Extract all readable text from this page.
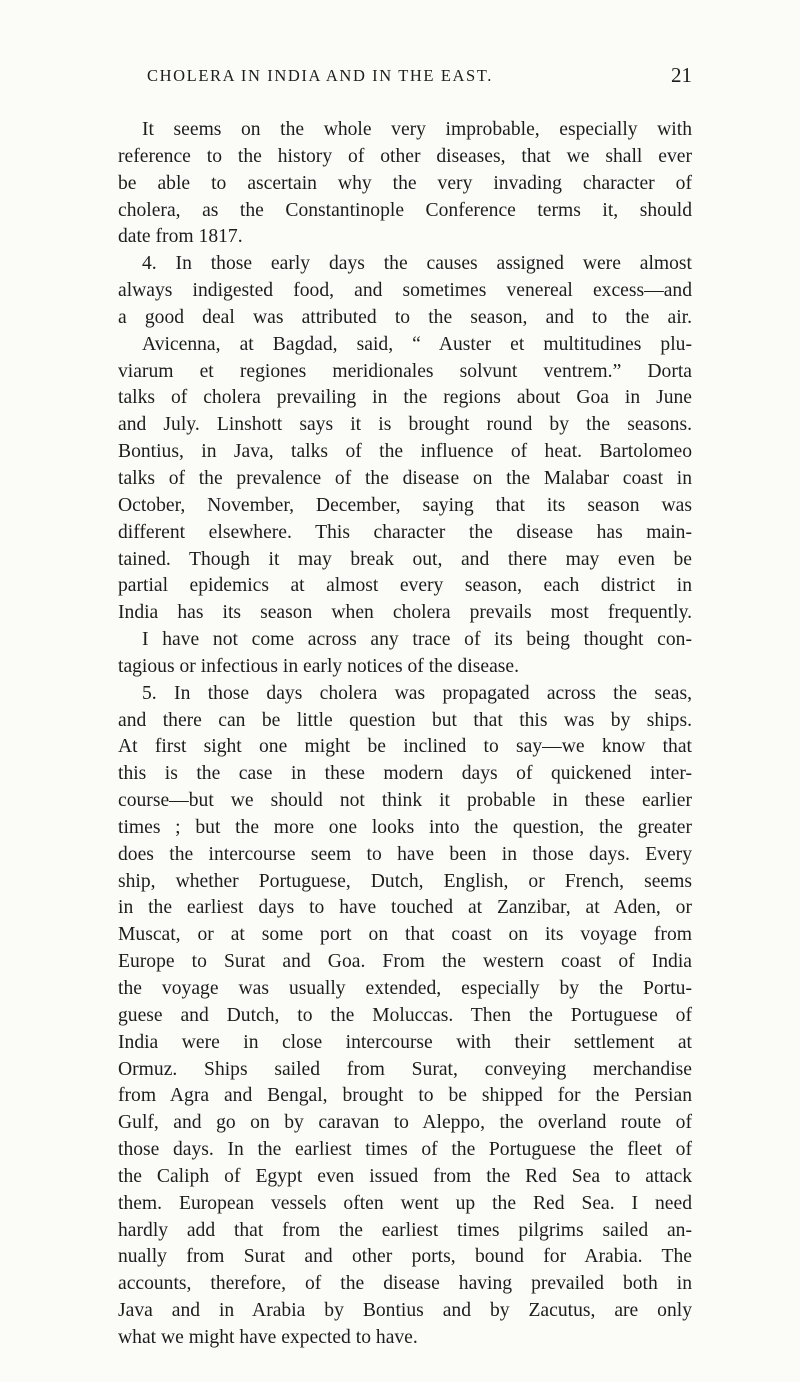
CHOLERA IN INDIA AND IN THE EAST.	21
It seems on the whole very improbable, especially with
reference to the history of other diseases, that we shall ever
be able to ascertain why the very invading character of
cholera, as the Constantinople Conference terms it, should
date from 1817.
4. In those early days the causes assigned were almost
always indigested food, and sometimes venereal excess—and
a good deal was attributed to the season, and to the air.
Avicenna, at Bagdad, said, “ Auster et multitudines plu-
viarum et regiones meridionales solvunt ventrem.” Dorta
talks of cholera prevailing in the regions about Goa in June
and July. Linshott says it is brought round by the seasons.
Bontius, in Java, talks of the influence of heat. Bartolomeo
talks of the prevalence of the disease on the Malabar coast in
October, November, December, saying that its season was
different elsewhere. This character the disease has main-
tained. Though it may break out, and there may even be
partial epidemics at almost every season, each district in
India has its season when cholera prevails most frequently.
I have not come across any trace of its being thought con-
tagious or infectious in early notices of the disease.
5. In those days cholera was propagated across the seas,
and there can be little question but that this was by ships.
At first sight one might be inclined to say—we know that
this is the case in these modern days of quickened inter-
course—but we should not think it probable in these earlier
times ; but the more one looks into the question, the greater
does the intercourse seem to have been in those days. Every
ship, whether Portuguese, Dutch, English, or French, seems
in the earliest days to have touched at Zanzibar, at Aden, or
Muscat, or at some port on that coast on its voyage from
Europe to Surat and Goa. From the western coast of India
the voyage was usually extended, especially by the Portu-
guese and Dutch, to the Moluccas. Then the Portuguese of
India were in close intercourse with their settlement at
Ormuz. Ships sailed from Surat, conveying merchandise
from Agra and Bengal, brought to be shipped for the Persian
Gulf, and go on by caravan to Aleppo, the overland route of
those days. In the earliest times of the Portuguese the fleet of
the Caliph of Egypt even issued from the Red Sea to attack
them. European vessels often went up the Red Sea. I need
hardly add that from the earliest times pilgrims sailed an-
nually from Surat and other ports, bound for Arabia. The
accounts, therefore, of the disease having prevailed both in
Java and in Arabia by Bontius and by Zacutus, are only
what we might have expected to have.
